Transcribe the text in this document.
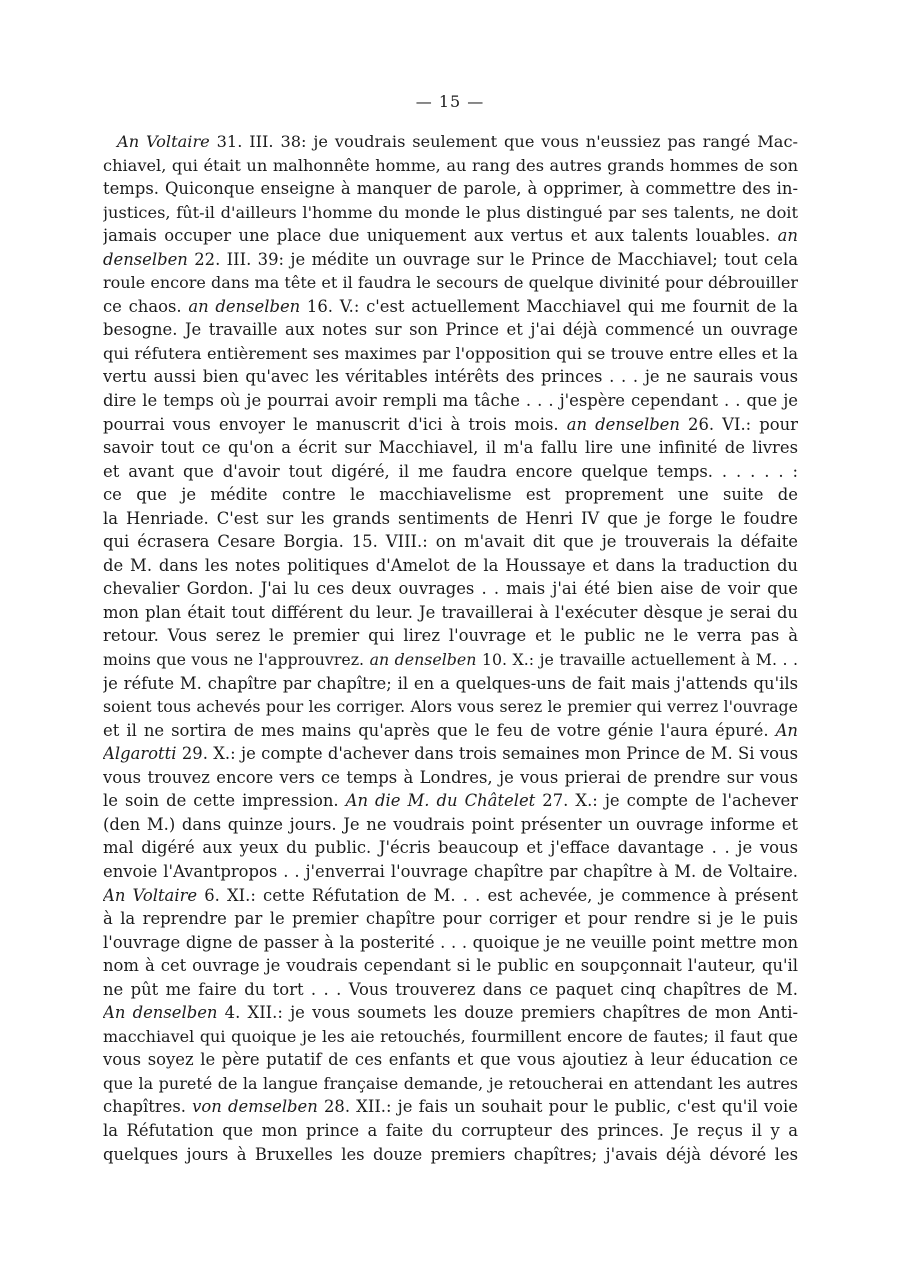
— 15 —
An Voltaire 31. III. 38: je voudrais seulement que vous n'eussiez pas rangé Mac-
chiavel, qui était un malhonnête homme, au rang des autres grands hommes de son
temps. Quiconque enseigne à manquer de parole, à opprimer, à commettre des in-
justices, fût-il d'ailleurs l'homme du monde le plus distingué par ses talents, ne doit
jamais occuper une place due uniquement aux vertus et aux talents louables. an
denselben 22. III. 39: je médite un ouvrage sur le Prince de Macchiavel; tout cela
roule encore dans ma tête et il faudra le secours de quelque divinité pour débrouiller
ce chaos. an denselben 16. V.: c'est actuellement Macchiavel qui me fournit de la
besogne. Je travaille aux notes sur son Prince et j'ai déjà commencé un ouvrage
qui réfutera entièrement ses maximes par l'opposition qui se trouve entre elles et la
vertu aussi bien qu'avec les véritables intérêts des princes . . . je ne saurais vous
dire le temps où je pourrai avoir rempli ma tâche . . . j'espère cependant . . que je
pourrai vous envoyer le manuscrit d'ici à trois mois. an denselben 26. VI.: pour
savoir tout ce qu'on a écrit sur Macchiavel, il m'a fallu lire une infinité de livres
et avant que d'avoir tout digéré, il me faudra encore quelque temps. . . . . . :
ce que je médite contre le macchiavelisme est proprement une suite de
la Henriade. C'est sur les grands sentiments de Henri IV que je forge le foudre
qui écrasera Cesare Borgia. 15. VIII.: on m'avait dit que je trouverais la défaite
de M. dans les notes politiques d'Amelot de la Houssaye et dans la traduction du
chevalier Gordon. J'ai lu ces deux ouvrages . . mais j'ai été bien aise de voir que
mon plan était tout différent du leur. Je travaillerai à l'exécuter dèsque je serai du
retour. Vous serez le premier qui lirez l'ouvrage et le public ne le verra pas à
moins que vous ne l'approuvrez. an denselben 10. X.: je travaille actuellement à M. . .
je réfute M. chapître par chapître; il en a quelques-uns de fait mais j'attends qu'ils
soient tous achevés pour les corriger. Alors vous serez le premier qui verrez l'ouvrage
et il ne sortira de mes mains qu'après que le feu de votre génie l'aura épuré. An
Algarotti 29. X.: je compte d'achever dans trois semaines mon Prince de M. Si vous
vous trouvez encore vers ce temps à Londres, je vous prierai de prendre sur vous
le soin de cette impression. An die M. du Châtelet 27. X.: je compte de l'achever
(den M.) dans quinze jours. Je ne voudrais point présenter un ouvrage informe et
mal digéré aux yeux du public. J'écris beaucoup et j'efface davantage . . je vous
envoie l'Avantpropos . . j'enverrai l'ouvrage chapître par chapître à M. de Voltaire.
An Voltaire 6. XI.: cette Réfutation de M. . . est achevée, je commence à présent
à la reprendre par le premier chapître pour corriger et pour rendre si je le puis
l'ouvrage digne de passer à la posterité . . . quoique je ne veuille point mettre mon
nom à cet ouvrage je voudrais cependant si le public en soupçonnait l'auteur, qu'il
ne pût me faire du tort . . . Vous trouverez dans ce paquet cinq chapîtres de M.
An denselben 4. XII.: je vous soumets les douze premiers chapîtres de mon Anti-
macchiavel qui quoique je les aie retouchés, fourmillent encore de fautes; il faut que
vous soyez le père putatif de ces enfants et que vous ajoutiez à leur éducation ce
que la pureté de la langue française demande, je retoucherai en attendant les autres
chapîtres. von demselben 28. XII.: je fais un souhait pour le public, c'est qu'il voie
la Réfutation que mon prince a faite du corrupteur des princes. Je reçus il y a
quelques jours à Bruxelles les douze premiers chapîtres; j'avais déjà dévoré les
